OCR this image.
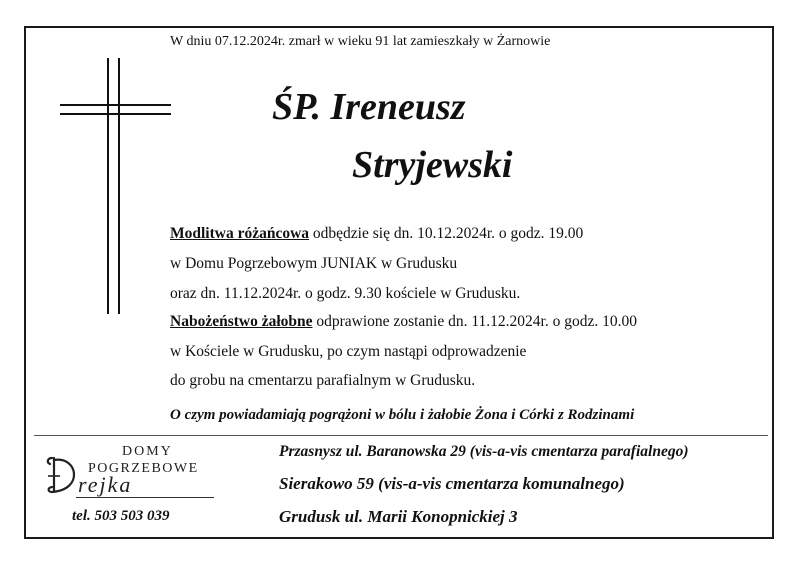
W dniu 07.12.2024r. zmarł w wieku 91 lat zamieszkały w Żarnowie
ŚP. Ireneusz
Stryjewski
Modlitwa różańcowa odbędzie się dn. 10.12.2024r. o godz. 19.00
w Domu Pogrzebowym JUNIAK w Grudusku
oraz dn. 11.12.2024r. o godz. 9.30 kościele w Grudusku.
Nabożeństwo żałobne odprawione zostanie dn. 11.12.2024r. o godz. 10.00
w Kościele w Grudusku, po czym nastąpi odprowadzenie
do grobu na cmentarzu parafialnym w Grudusku.
O czym powiadamiają pogrążoni w bólu i żałobie Żona i Córki z Rodzinami
DOMY
POGRZEBOWE
rejka
tel. 503 503 039
Przasnysz ul. Baranowska 29 (vis-a-vis cmentarza parafialnego)
Sierakowo 59 (vis-a-vis cmentarza komunalnego)
Grudusk ul. Marii Konopnickiej 3
